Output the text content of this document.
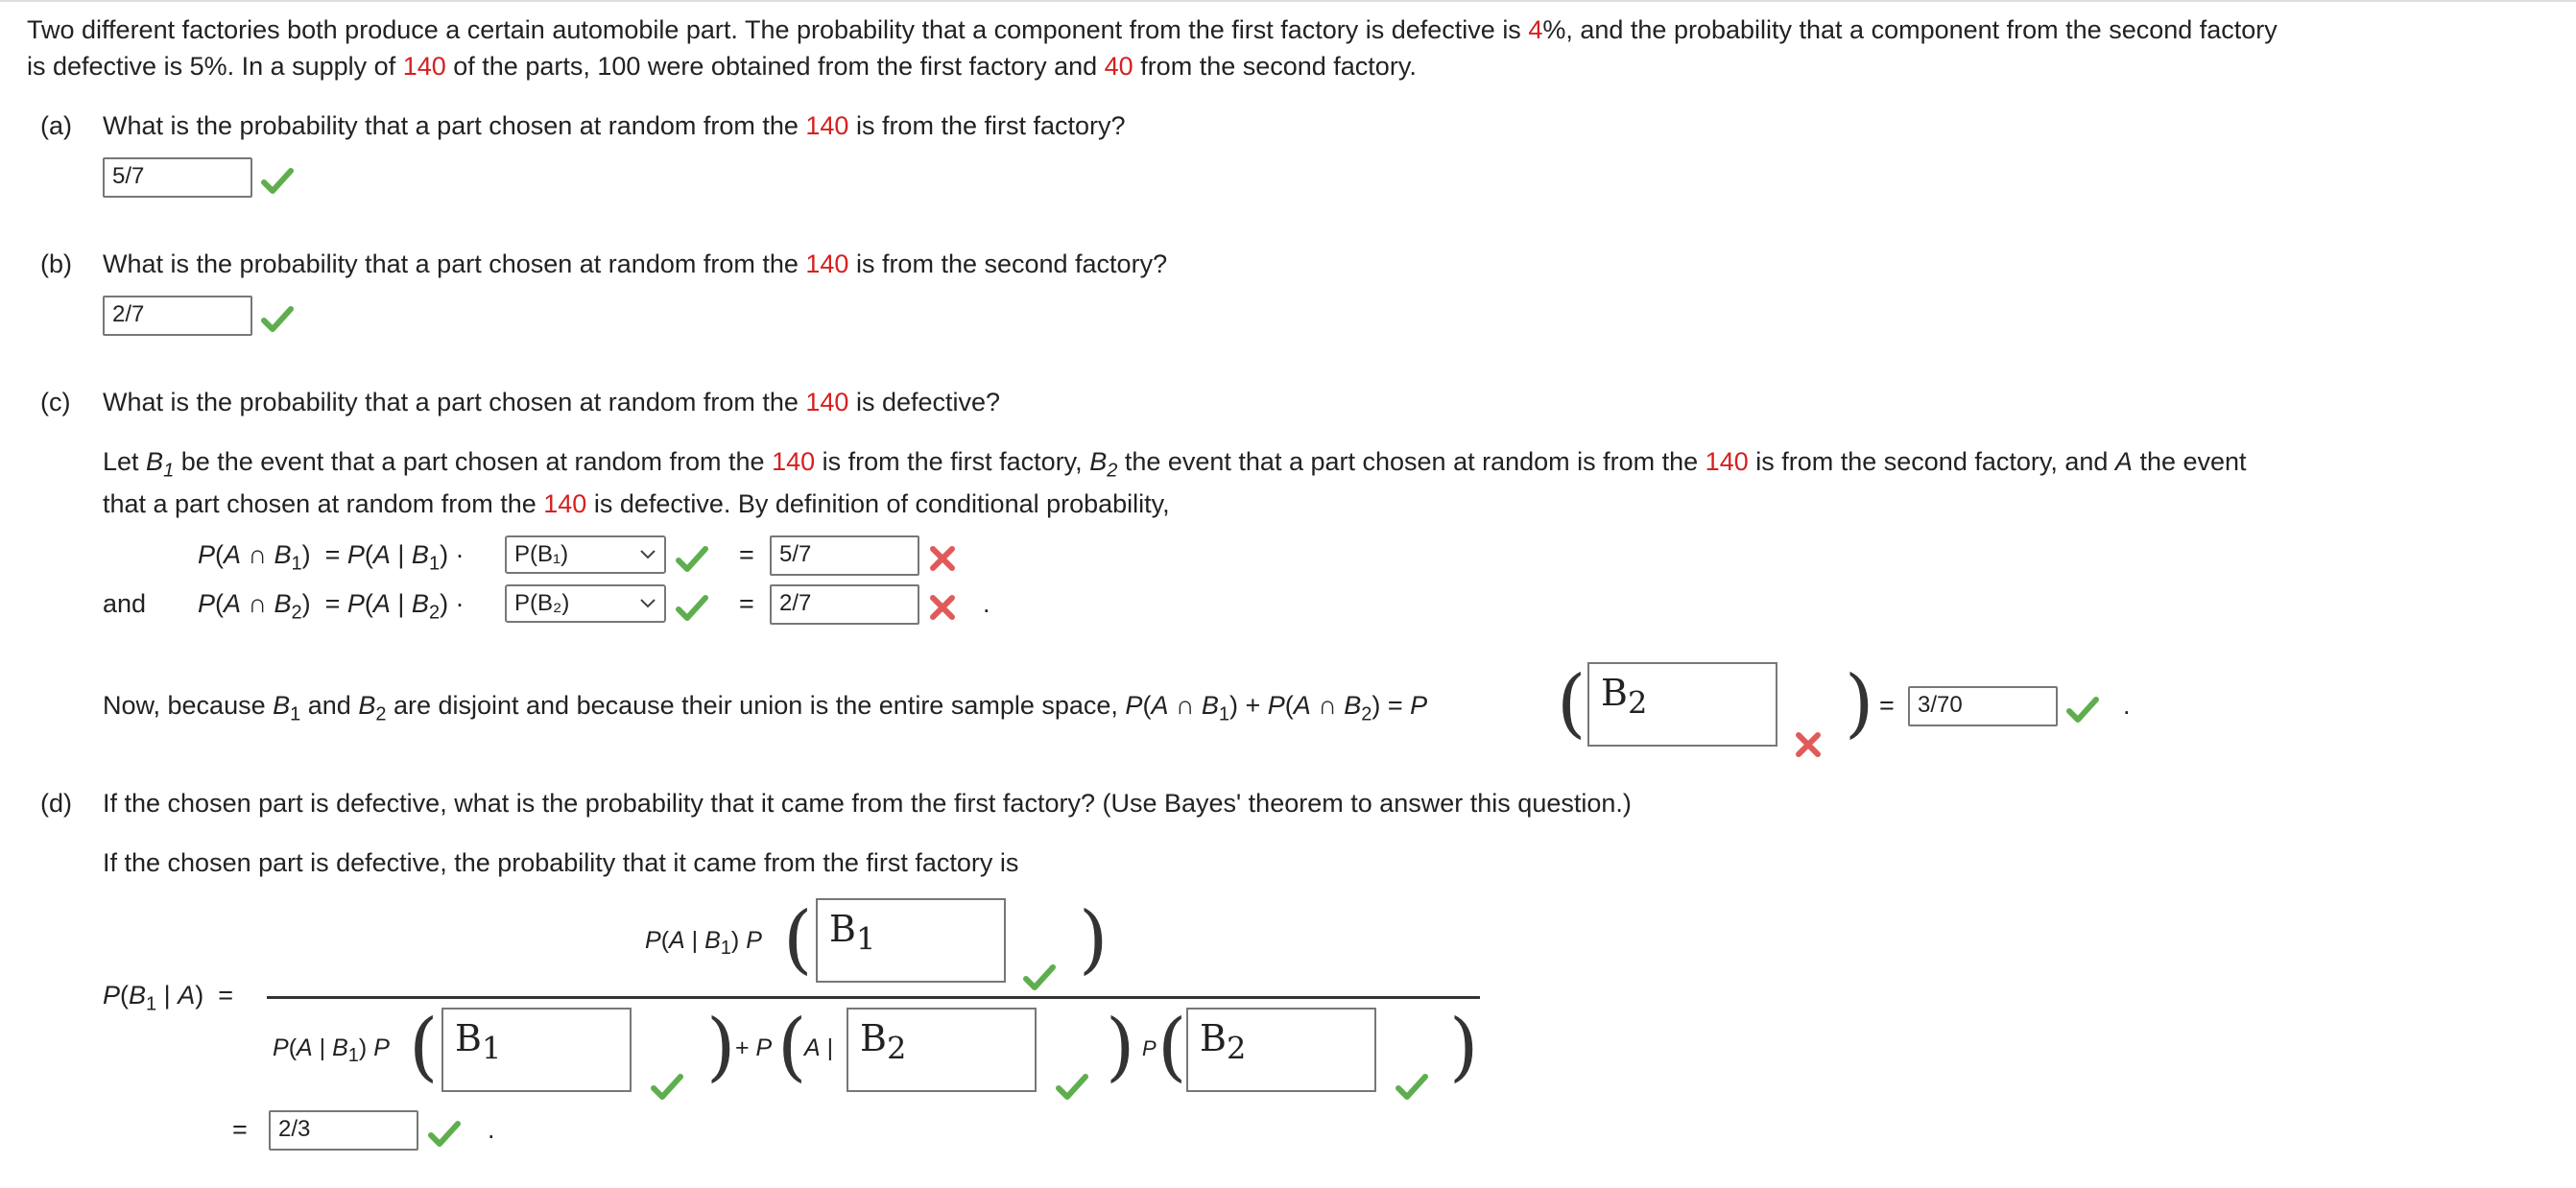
Two different factories both produce a certain automobile part. The probability that a component from the first factory is defective is 4%, and the probability that a component from the second factory
is defective is 5%. In a supply of 140 of the parts, 100 were obtained from the first factory and 40 from the second factory.
(a) What is the probability that a part chosen at random from the 140 is from the first factory?
5/7
(b) What is the probability that a part chosen at random from the 140 is from the second factory?
2/7
(c) What is the probability that a part chosen at random from the 140 is defective?
Let $B_1$ be the event that a part chosen at random from the 140 is from the first factory, $B_2$ the event that a part chosen at random is from the 140 is from the second factory, and A the event
that a part chosen at random from the 140 is defective. By definition of conditional probability,
P(A ∩ $B_1) = P(A$ | $B_1$) ·	P(B₁)	=	5/7
and P(A ∩ $B_2) = P(A$ | $B_2$) ·	P(B₂)	=	2/7	.
Now, because $B_1$ and $B_2$ are disjoint and because their union is the entire sample space, P(A ∩ $B_1) + P(A$ ∩ $B_2) = P$ ( $B_2$	) =	3/70	.
(d) If the chosen part is defective, what is the probability that it came from the first factory? (Use Bayes' theorem to answer this question.)
If the chosen part is defective, the probability that it came from the first factory is
P(A | $B_1$) P ( $B_1$	)
$P(B_1$ | A)  =
P(A | $B_1$) P ( $B_1$	) + P (
A | $B_2$	) P ( $B_2$	)
=	2/3	.
